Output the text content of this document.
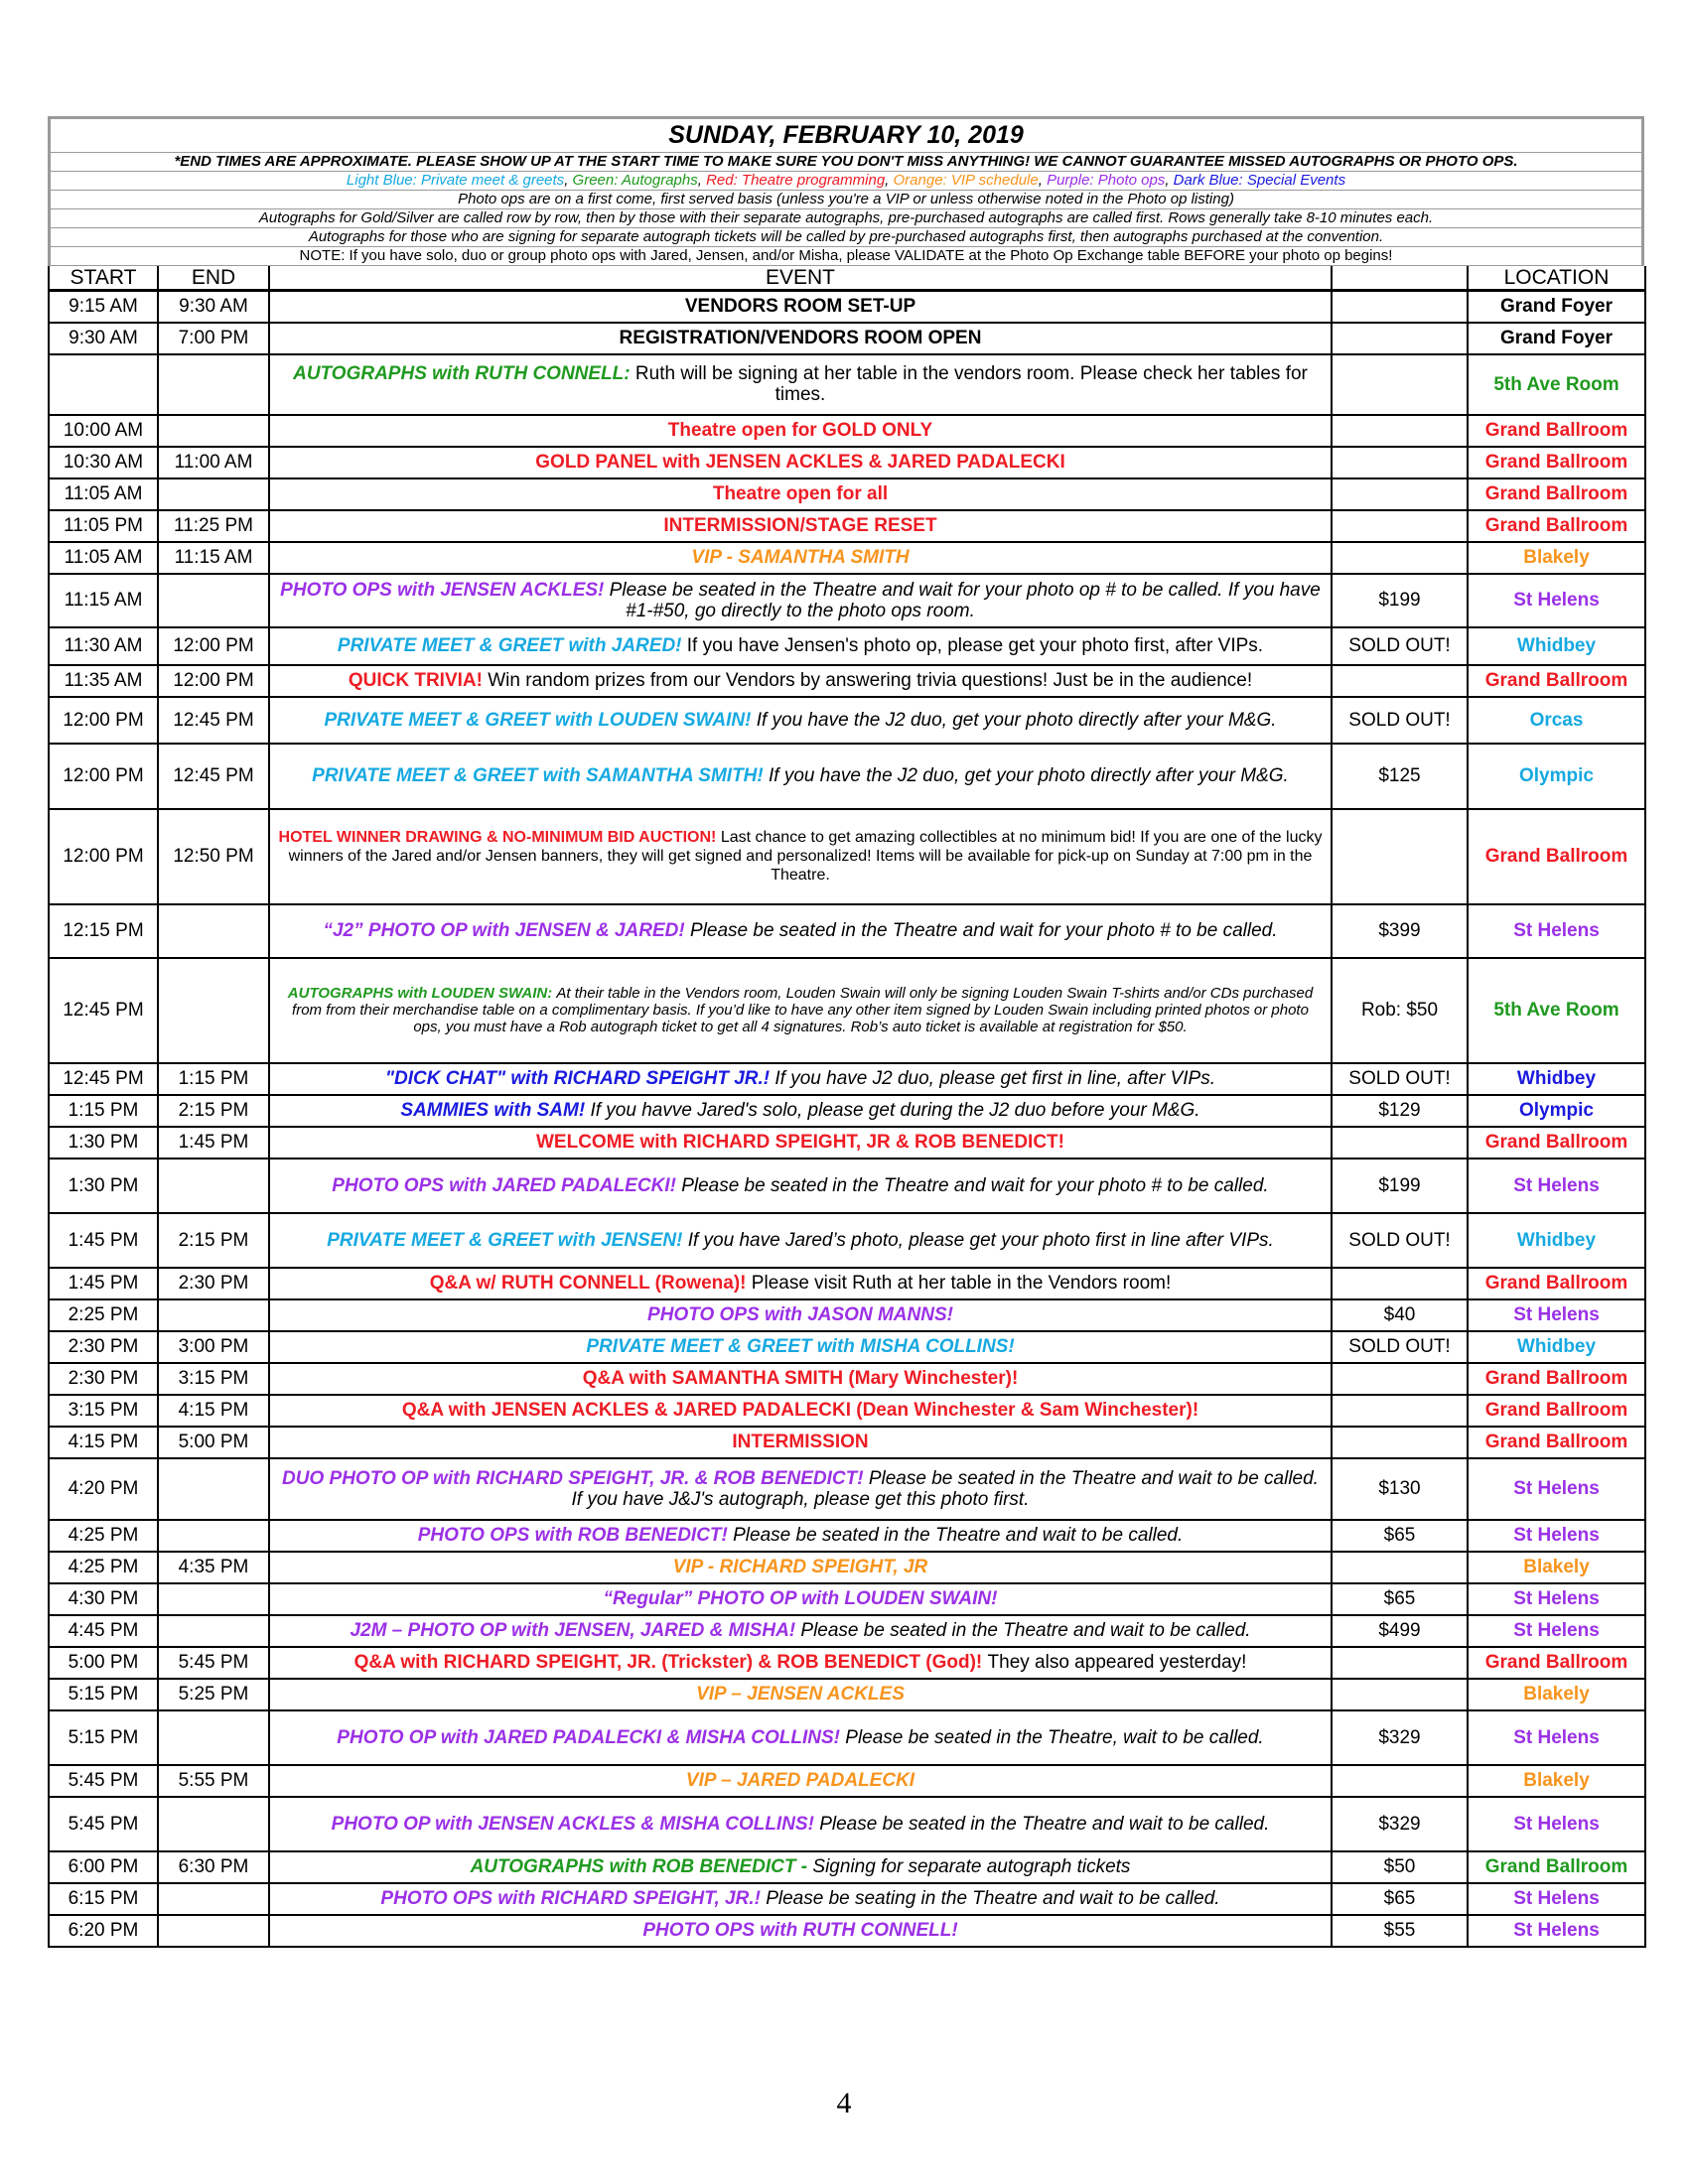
SUNDAY, FEBRUARY 10, 2019
*END TIMES ARE APPROXIMATE. PLEASE SHOW UP AT THE START TIME TO MAKE SURE YOU DON'T MISS ANYTHING! WE CANNOT GUARANTEE MISSED AUTOGRAPHS OR PHOTO OPS.
Light Blue: Private meet & greets, Green: Autographs, Red: Theatre programming, Orange: VIP schedule, Purple: Photo ops, Dark Blue: Special Events
Photo ops are on a first come, first served basis (unless you're a VIP or unless otherwise noted in the Photo op listing)
Autographs for Gold/Silver are called row by row, then by those with their separate autographs, pre-purchased autographs are called first. Rows generally take 8-10 minutes each.
Autographs for those who are signing for separate autograph tickets will be called by pre-purchased autographs first, then autographs purchased at the convention.
NOTE: If you have solo, duo or group photo ops with Jared, Jensen, and/or Misha, please VALIDATE at the Photo Op Exchange table BEFORE your photo op begins!
START	END	EVENT		LOCATION
9:15 AM	9:30 AM	VENDORS ROOM SET-UP		Grand Foyer
9:30 AM	7:00 PM	REGISTRATION/VENDORS ROOM OPEN		Grand Foyer

		AUTOGRAPHS with RUTH CONNELL: Ruth will be signing at her table in the vendors room. Please check her tables for times.		5th Ave Room
10:00 AM		Theatre open for GOLD ONLY		Grand Ballroom
10:30 AM	11:00 AM	GOLD PANEL with JENSEN ACKLES & JARED PADALECKI		Grand Ballroom
11:05 AM		Theatre open for all		Grand Ballroom
11:05 PM	11:25 PM	INTERMISSION/STAGE RESET		Grand Ballroom
11:05 AM	11:15 AM	VIP - SAMANTHA SMITH		Blakely
11:15 AM		PHOTO OPS with JENSEN ACKLES! Please be seated in the Theatre and wait for your photo op # to be called. If you have #1-#50, go directly to the photo ops room.	$199	St Helens
11:30 AM	12:00 PM	PRIVATE MEET & GREET with JARED! If you have Jensen's photo op, please get your photo first, after VIPs.	SOLD OUT!	Whidbey
11:35 AM	12:00 PM	QUICK TRIVIA! Win random prizes from our Vendors by answering trivia questions! Just be in the audience!		Grand Ballroom
12:00 PM	12:45 PM	PRIVATE MEET & GREET with LOUDEN SWAIN! If you have the J2 duo, get your photo directly after your M&G.	SOLD OUT!	Orcas
12:00 PM	12:45 PM	PRIVATE MEET & GREET with SAMANTHA SMITH! If you have the J2 duo, get your photo directly after your M&G.	$125	Olympic
12:00 PM	12:50 PM	HOTEL WINNER DRAWING & NO-MINIMUM BID AUCTION! Last chance to get amazing collectibles at no minimum bid! If you are one of the lucky winners of the Jared and/or Jensen banners, they will get signed and personalized! Items will be available for pick-up on Sunday at 7:00 pm in the Theatre.		Grand Ballroom
12:15 PM		“J2” PHOTO OP with JENSEN & JARED! Please be seated in the Theatre and wait for your photo # to be called.	$399	St Helens
12:45 PM		AUTOGRAPHS with LOUDEN SWAIN: At their table in the Vendors room, Louden Swain will only be signing Louden Swain T-shirts and/or CDs purchased from from their merchandise table on a complimentary basis. If you’d like to have any other item signed by Louden Swain including printed photos or photo ops, you must have a Rob autograph ticket to get all 4 signatures. Rob’s auto ticket is available at registration for $50.	Rob: $50	5th Ave Room
12:45 PM	1:15 PM	"DICK CHAT" with RICHARD SPEIGHT JR.! If you have J2 duo, please get first in line, after VIPs.	SOLD OUT!	Whidbey
1:15 PM	2:15 PM	SAMMIES with SAM! If you havve Jared's solo, please get during the J2 duo before your M&G.	$129	Olympic
1:30 PM	1:45 PM	WELCOME with RICHARD SPEIGHT, JR & ROB BENEDICT!		Grand Ballroom
1:30 PM		PHOTO OPS with JARED PADALECKI! Please be seated in the Theatre and wait for your photo # to be called.	$199	St Helens
1:45 PM	2:15 PM	PRIVATE MEET & GREET with JENSEN! If you have Jared’s photo, please get your photo first in line after VIPs.	SOLD OUT!	Whidbey
1:45 PM	2:30 PM	Q&A w/ RUTH CONNELL (Rowena)! Please visit Ruth at her table in the Vendors room!		Grand Ballroom
2:25 PM		PHOTO OPS with JASON MANNS!	$40	St Helens
2:30 PM	3:00 PM	PRIVATE MEET & GREET with MISHA COLLINS!	SOLD OUT!	Whidbey
2:30 PM	3:15 PM	Q&A with SAMANTHA SMITH (Mary Winchester)!		Grand Ballroom
3:15 PM	4:15 PM	Q&A with JENSEN ACKLES & JARED PADALECKI (Dean Winchester & Sam Winchester)!		Grand Ballroom
4:15 PM	5:00 PM	INTERMISSION		Grand Ballroom
4:20 PM		DUO PHOTO OP with RICHARD SPEIGHT, JR. & ROB BENEDICT! Please be seated in the Theatre and wait to be called. If you have J&J's autograph, please get this photo first.	$130	St Helens
4:25 PM		PHOTO OPS with ROB BENEDICT! Please be seated in the Theatre and wait to be called.	$65	St Helens
4:25 PM	4:35 PM	VIP - RICHARD SPEIGHT, JR		Blakely
4:30 PM		“Regular” PHOTO OP with LOUDEN SWAIN!	$65	St Helens
4:45 PM		J2M – PHOTO OP with JENSEN, JARED & MISHA! Please be seated in the Theatre and wait to be called.	$499	St Helens
5:00 PM	5:45 PM	Q&A with RICHARD SPEIGHT, JR. (Trickster) & ROB BENEDICT (God)! They also appeared yesterday!		Grand Ballroom
5:15 PM	5:25 PM	VIP – JENSEN ACKLES		Blakely
5:15 PM		PHOTO OP with JARED PADALECKI & MISHA COLLINS! Please be seated in the Theatre, wait to be called.	$329	St Helens
5:45 PM	5:55 PM	VIP – JARED PADALECKI		Blakely
5:45 PM		PHOTO OP with JENSEN ACKLES & MISHA COLLINS! Please be seated in the Theatre and wait to be called.	$329	St Helens
6:00 PM	6:30 PM	AUTOGRAPHS with ROB BENEDICT - Signing for separate autograph tickets	$50	Grand Ballroom
6:15 PM		PHOTO OPS with RICHARD SPEIGHT, JR.! Please be seating in the Theatre and wait to be called.	$65	St Helens
6:20 PM		PHOTO OPS with RUTH CONNELL!	$55	St Helens
4
